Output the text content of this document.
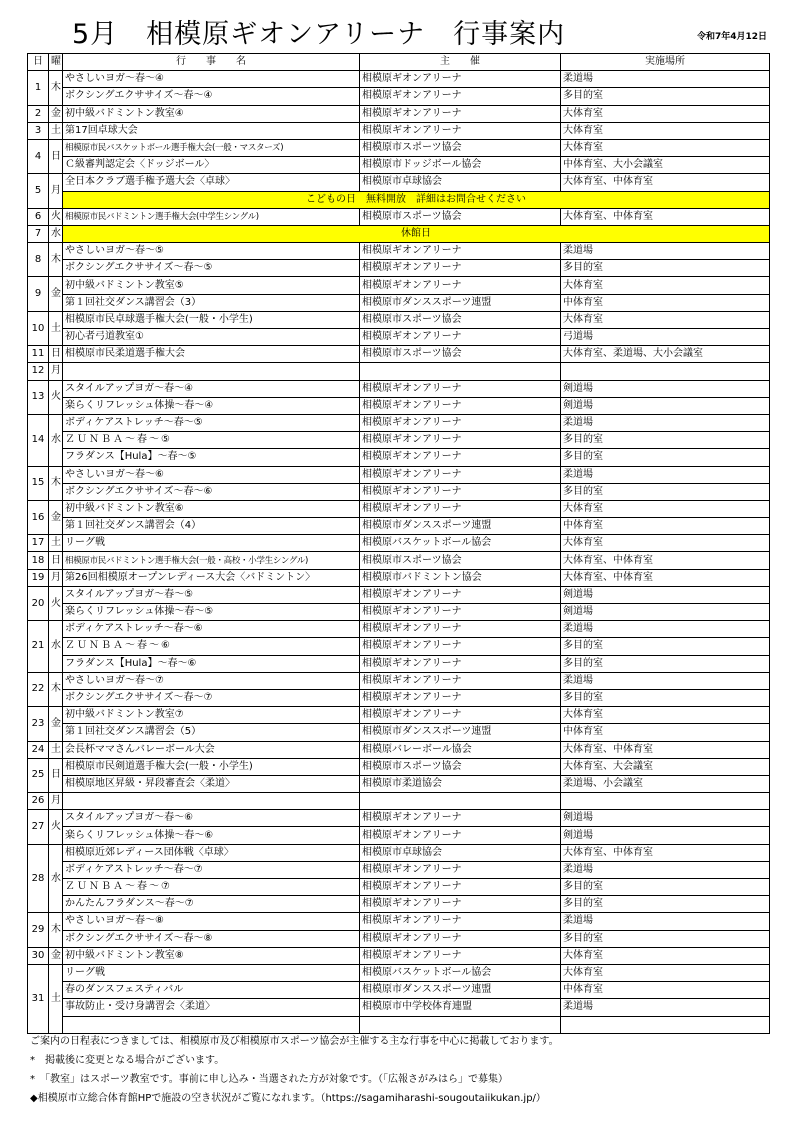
5月　相模原ギオンアリーナ　行事案内	令和7年4月12日
日	曜	行　　事　　名	主　　催	実施場所
1	木	やさしいヨガ～春～④	相模原ギオンアリーナ	柔道場
		ボクシングエクササイズ～春～④	相模原ギオンアリーナ	多目的室
2	金	初中級バドミントン教室④	相模原ギオンアリーナ	大体育室
3	土	第17回卓球大会	相模原ギオンアリーナ	大体育室
4	日	相模原市民バスケットボール選手権大会(一般・マスターズ)	相模原市スポーツ協会	大体育室
		Ｃ級審判認定会〈ドッジボール〉	相模原市ドッジボール協会	中体育室、大小会議室
5	月	全日本クラブ選手権予選大会〈卓球〉	相模原市卓球協会	大体育室、中体育室
		こどもの日　無料開放　詳細はお問合せください		
6	火	相模原市民バドミントン選手権大会(中学生シングル)	相模原市スポーツ協会	大体育室、中体育室
7	水	休館日		
8	木	やさしいヨガ～春～⑤	相模原ギオンアリーナ	柔道場
		ボクシングエクササイズ～春～⑤	相模原ギオンアリーナ	多目的室
9	金	初中級バドミントン教室⑤	相模原ギオンアリーナ	大体育室
		第１回社交ダンス講習会（3）	相模原市ダンススポーツ連盟	中体育室
10	土	相模原市民卓球選手権大会(一般・小学生)	相模原市スポーツ協会	大体育室
		初心者弓道教室①	相模原ギオンアリーナ	弓道場
11	日	相模原市民柔道選手権大会	相模原市スポーツ協会	大体育室、柔道場、大小会議室
12	月			
13	火	スタイルアップヨガ～春～④	相模原ギオンアリーナ	剣道場
		楽らくリフレッシュ体操～春～④	相模原ギオンアリーナ	剣道場
14	水	ボディケアストレッチ～春～⑤	相模原ギオンアリーナ	柔道場
		ＺＵＮＢＡ～春～⑤	相模原ギオンアリーナ	多目的室
		フラダンス【Hula】～春～⑤	相模原ギオンアリーナ	多目的室
15	木	やさしいヨガ～春～⑥	相模原ギオンアリーナ	柔道場
		ボクシングエクササイズ～春～⑥	相模原ギオンアリーナ	多目的室
16	金	初中級バドミントン教室⑥	相模原ギオンアリーナ	大体育室
		第１回社交ダンス講習会（4）	相模原市ダンススポーツ連盟	中体育室
17	土	リーグ戦	相模原バスケットボール協会	大体育室
18	日	相模原市民バドミントン選手権大会(一般・高校・小学生シングル)	相模原市スポーツ協会	大体育室、中体育室
19	月	第26回相模原オープンレディース大会〈バドミントン〉	相模原市バドミントン協会	大体育室、中体育室
20	火	スタイルアップヨガ～春～⑤	相模原ギオンアリーナ	剣道場
		楽らくリフレッシュ体操～春～⑤	相模原ギオンアリーナ	剣道場
21	水	ボディケアストレッチ～春～⑥	相模原ギオンアリーナ	柔道場
		ＺＵＮＢＡ～春～⑥	相模原ギオンアリーナ	多目的室
		フラダンス【Hula】～春～⑥	相模原ギオンアリーナ	多目的室
22	木	やさしいヨガ～春～⑦	相模原ギオンアリーナ	柔道場
		ボクシングエクササイズ～春～⑦	相模原ギオンアリーナ	多目的室
23	金	初中級バドミントン教室⑦	相模原ギオンアリーナ	大体育室
		第１回社交ダンス講習会（5）	相模原市ダンススポーツ連盟	中体育室
24	土	会長杯ママさんバレーボール大会	相模原バレーボール協会	大体育室、中体育室
25	日	相模原市民剣道選手権大会(一般・小学生)	相模原市スポーツ協会	大体育室、大会議室
		相模原地区昇級・昇段審査会〈柔道〉	相模原市柔道協会	柔道場、小会議室
26	月			
27	火	スタイルアップヨガ～春～⑥	相模原ギオンアリーナ	剣道場
		楽らくリフレッシュ体操～春～⑥	相模原ギオンアリーナ	剣道場
28	水	相模原近郊レディース団体戦〈卓球〉	相模原市卓球協会	大体育室、中体育室
		ボディケアストレッチ～春～⑦	相模原ギオンアリーナ	柔道場
		ＺＵＮＢＡ～春～⑦	相模原ギオンアリーナ	多目的室
		かんたんフラダンス～春～⑦	相模原ギオンアリーナ	多目的室
29	木	やさしいヨガ～春～⑧	相模原ギオンアリーナ	柔道場
		ボクシングエクササイズ～春～⑧	相模原ギオンアリーナ	多目的室
30	金	初中級バドミントン教室⑧	相模原ギオンアリーナ	大体育室
31	土	リーグ戦	相模原バスケットボール協会	大体育室
		春のダンスフェスティバル	相模原市ダンススポーツ連盟	中体育室
		事故防止・受け身講習会〈柔道〉	相模原市中学校体育連盟	柔道場

ご案内の日程表につきましては、相模原市及び相模原市スポーツ協会が主催する主な行事を中心に掲載しております。
*　掲載後に変更となる場合がございます。
*　「教室」はスポーツ教室です。事前に申し込み・当選された方が対象です。（「広報さがみはら」で募集）
◆相模原市立総合体育館HPで施設の空き状況がご覧になれます。（https://sagamiharashi-sougoutaiikukan.jp/）
